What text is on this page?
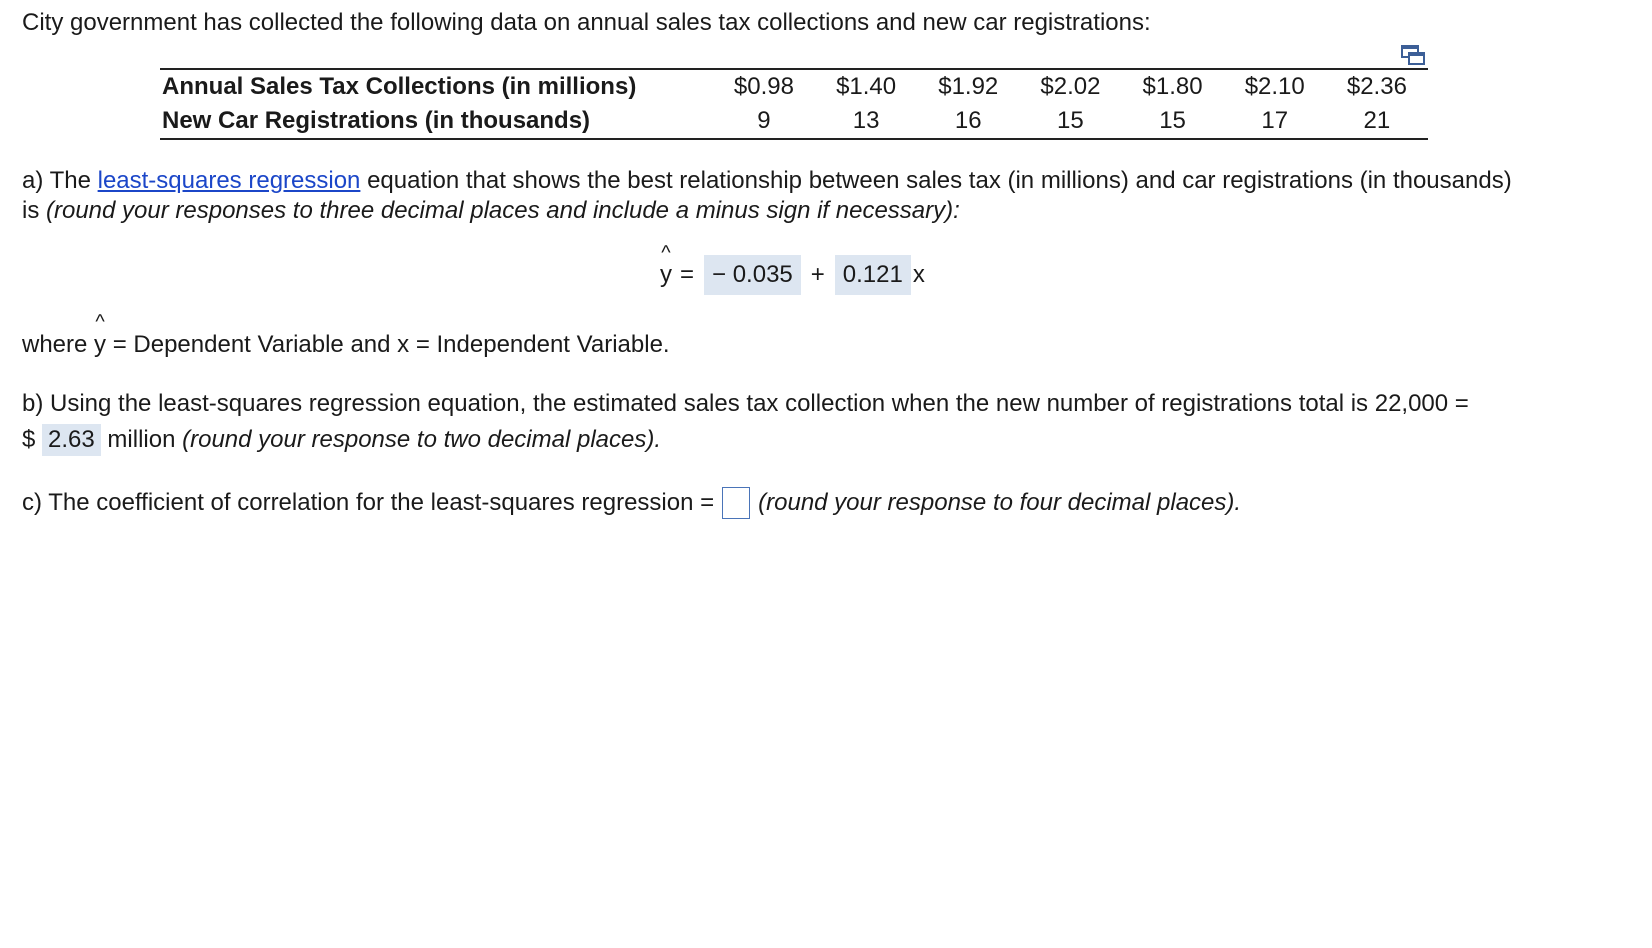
City government has collected the following data on annual sales tax collections and new car registrations:
Annual Sales Tax Collections (in millions)	$0.98	$1.40	$1.92	$2.02	$1.80	$2.10	$2.36
New Car Registrations (in thousands)	9	13	16	15	15	17	21
a) The least-squares regression equation that shows the best relationship between sales tax (in millions) and car registrations (in thousands)
is (round your responses to three decimal places and include a minus sign if necessary):
^
y = − 0.035 + 0.121 x
where
^
y = Dependent Variable and x = Independent Variable.
b) Using the least-squares regression equation, the estimated sales tax collection when the new number of registrations total is 22,000 =
$ 2.63 million (round your response to two decimal places).
c) The coefficient of correlation for the least-squares regression = (round your response to four decimal places).
